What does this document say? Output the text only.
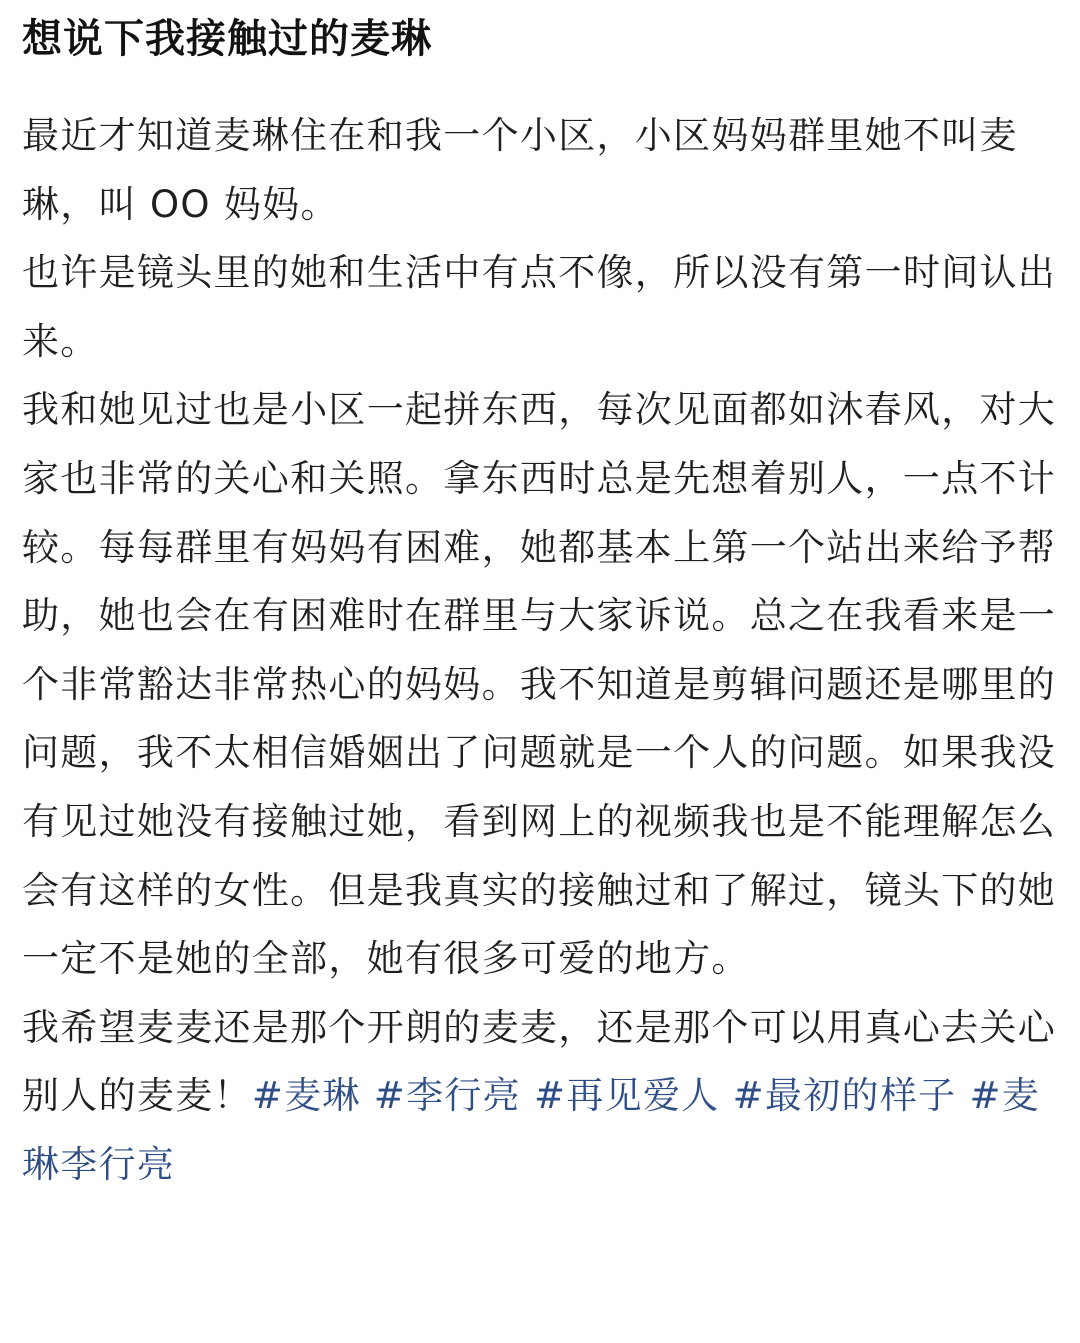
想说下我接触过的麦琳

最近才知道麦琳住在和我一个小区，小区妈妈群里她不叫麦琳，叫 OO 妈妈。

也许是镜头里的她和生活中有点不像，所以没有第一时间认出来。

我和她见过也是小区一起拼东西，每次见面都如沐春风，对大家也非常的关心和关照。拿东西时总是先想着别人，一点不计较。每每群里有妈妈有困难，她都基本上第一个站出来给予帮助，她也会在有困难时在群里与大家诉说。总之在我看来是一个非常豁达非常热心的妈妈。我不知道是剪辑问题还是哪里的问题，我不太相信婚姻出了问题就是一个人的问题。如果我没有见过她没有接触过她，看到网上的视频我也是不能理解怎么会有这样的女性。但是我真实的接触过和了解过，镜头下的她一定不是她的全部，她有很多可爱的地方。

我希望麦麦还是那个开朗的麦麦，还是那个可以用真心去关心别人的麦麦！#麦琳 #李行亮 #再见爱人 #最初的样子 #麦琳李行亮
